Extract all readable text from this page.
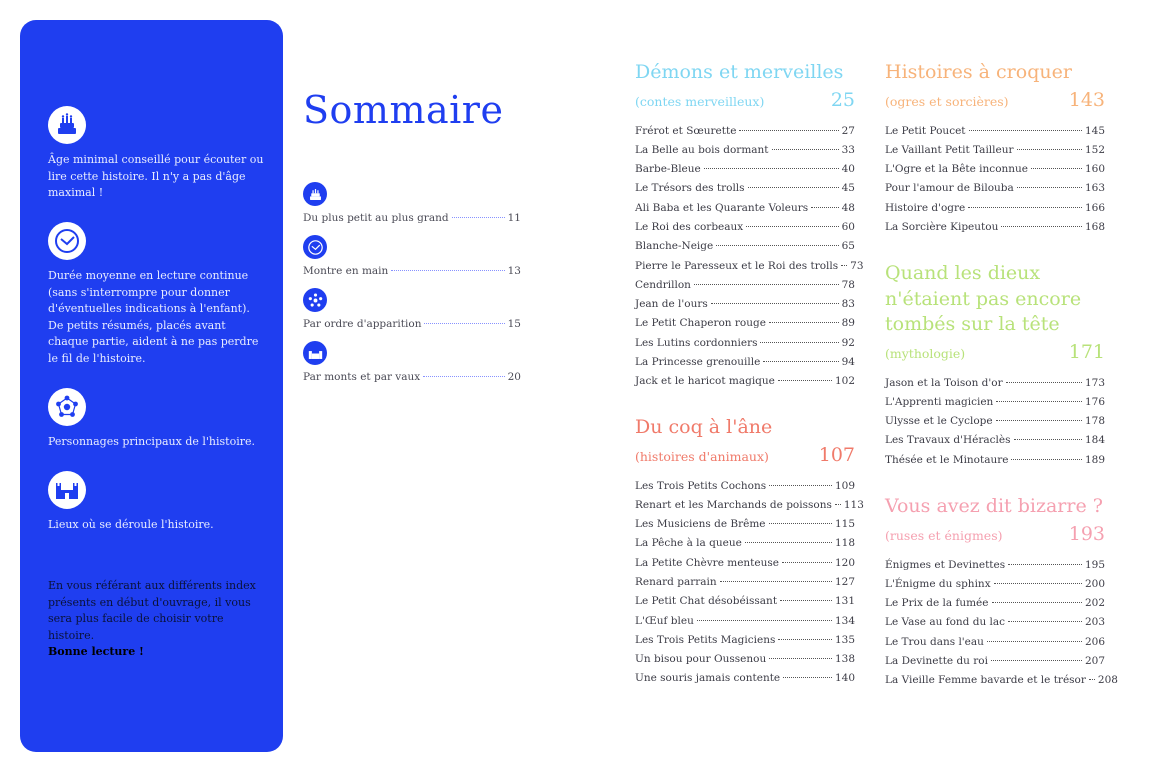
Âge minimal conseillé pour écouter ou lire cette histoire. Il n'y a pas d'âge maximal !
Durée moyenne en lecture continue (sans s'interrompre pour donner d'éventuelles indications à l'enfant). De petits résumés, placés avant chaque partie, aident à ne pas perdre le fil de l'histoire.
Personnages principaux de l'histoire.
Lieux où se déroule l'histoire.
En vous référant aux différents index présents en début d'ouvrage, il vous sera plus facile de choisir votre histoire.
Bonne lecture !
Sommaire
Du plus petit au plus grand	11
Montre en main	13
Par ordre d'apparition	15
Par monts et par vaux	20
Démons et merveilles
(contes merveilleux)	25
Frérot et Sœurette	27
La Belle au bois dormant	33
Barbe-Bleue	40
Le Trésors des trolls	45
Ali Baba et les Quarante Voleurs	48
Le Roi des corbeaux	60
Blanche-Neige	65
Pierre le Paresseux et le Roi des trolls 73
Cendrillon	78
Jean de l'ours	83
Le Petit Chaperon rouge	89
Les Lutins cordonniers	92
La Princesse grenouille	94
Jack et le haricot magique	102
Du coq à l'âne
(histoires d'animaux)	107
Les Trois Petits Cochons	109
Renart et les Marchands de poissons 113
Les Musiciens de Brême	115
La Pêche à la queue	118
La Petite Chèvre menteuse	120
Renard parrain	127
Le Petit Chat désobéissant	131
L'Œuf bleu	134
Les Trois Petits Magiciens	135
Un bisou pour Oussenou	138
Une souris jamais contente	140
Histoires à croquer
(ogres et sorcières)	143
Le Petit Poucet	145
Le Vaillant Petit Tailleur	152
L'Ogre et la Bête inconnue	160
Pour l'amour de Bilouba	163
Histoire d'ogre	166
La Sorcière Kipeutou	168
Quand les dieux n'étaient pas encore tombés sur la tête
(mythologie)	171
Jason et la Toison d'or	173
L'Apprenti magicien	176
Ulysse et le Cyclope	178
Les Travaux d'Héraclès	184
Thésée et le Minotaure	189
Vous avez dit bizarre ?
(ruses et énigmes)	193
Énigmes et Devinettes	195
L'Énigme du sphinx	200
Le Prix de la fumée	202
Le Vase au fond du lac	203
Le Trou dans l'eau	206
La Devinette du roi	207
La Vieille Femme bavarde et le trésor 208
